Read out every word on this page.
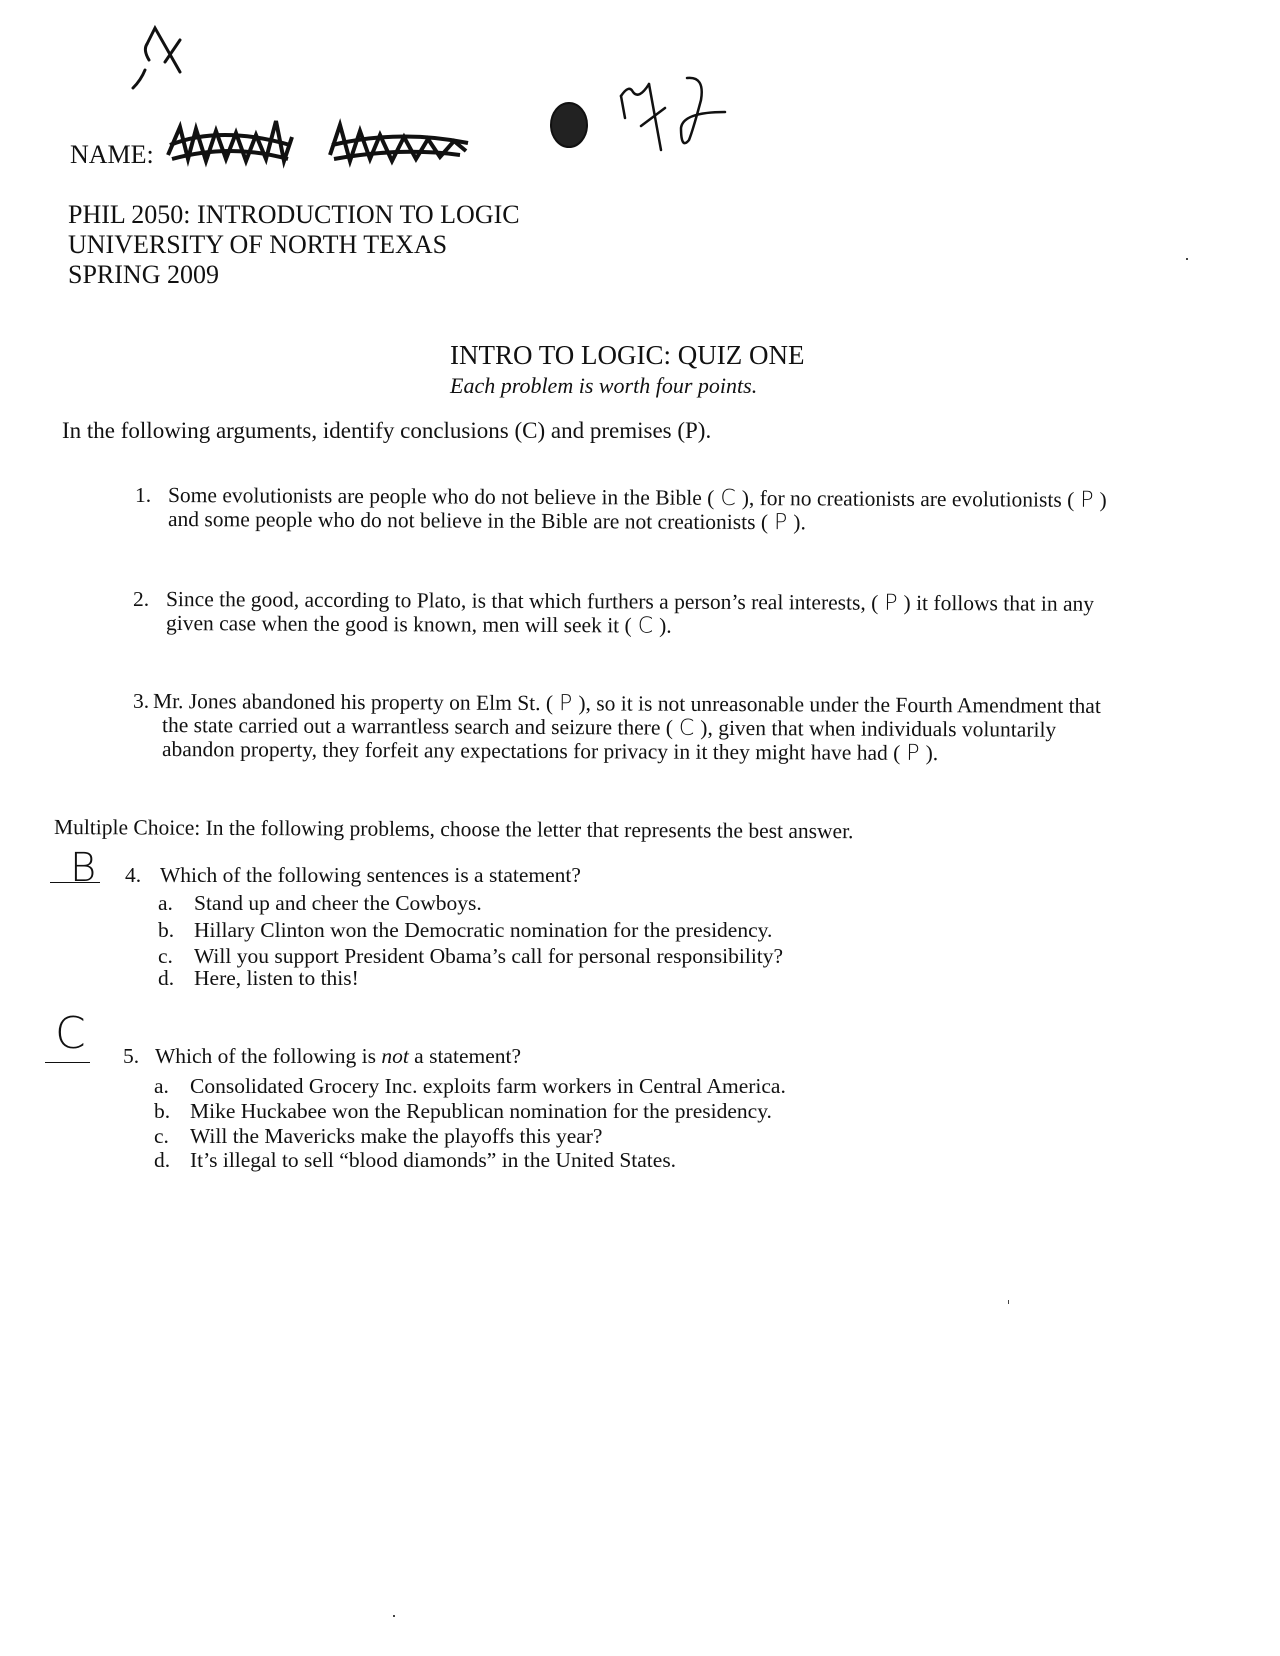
NAME:
PHIL 2050: INTRODUCTION TO LOGIC
UNIVERSITY OF NORTH TEXAS
SPRING 2009
INTRO TO LOGIC: QUIZ ONE
Each problem is worth four points.
In the following arguments, identify conclusions (C) and premises (P).
1. Some evolutionists are people who do not believe in the Bible ( C ), for no creationists are evolutionists ( P )
and some people who do not believe in the Bible are not creationists ( P ).
2. Since the good, according to Plato, is that which furthers a person’s real interests, ( P ) it follows that in any
given case when the good is known, men will seek it ( C ).
3. Mr. Jones abandoned his property on Elm St. ( P ), so it is not unreasonable under the Fourth Amendment that
the state carried out a warrantless search and seizure there ( C ), given that when individuals voluntarily
abandon property, they forfeit any expectations for privacy in it they might have had ( P ).
Multiple Choice: In the following problems, choose the letter that represents the best answer.
B 4. Which of the following sentences is a statement?
a. Stand up and cheer the Cowboys.
b. Hillary Clinton won the Democratic nomination for the presidency.
c. Will you support President Obama’s call for personal responsibility?
d. Here, listen to this!
C 5. Which of the following is not a statement?
a. Consolidated Grocery Inc. exploits farm workers in Central America.
b. Mike Huckabee won the Republican nomination for the presidency.
c. Will the Mavericks make the playoffs this year?
d. It’s illegal to sell “blood diamonds” in the United States.
